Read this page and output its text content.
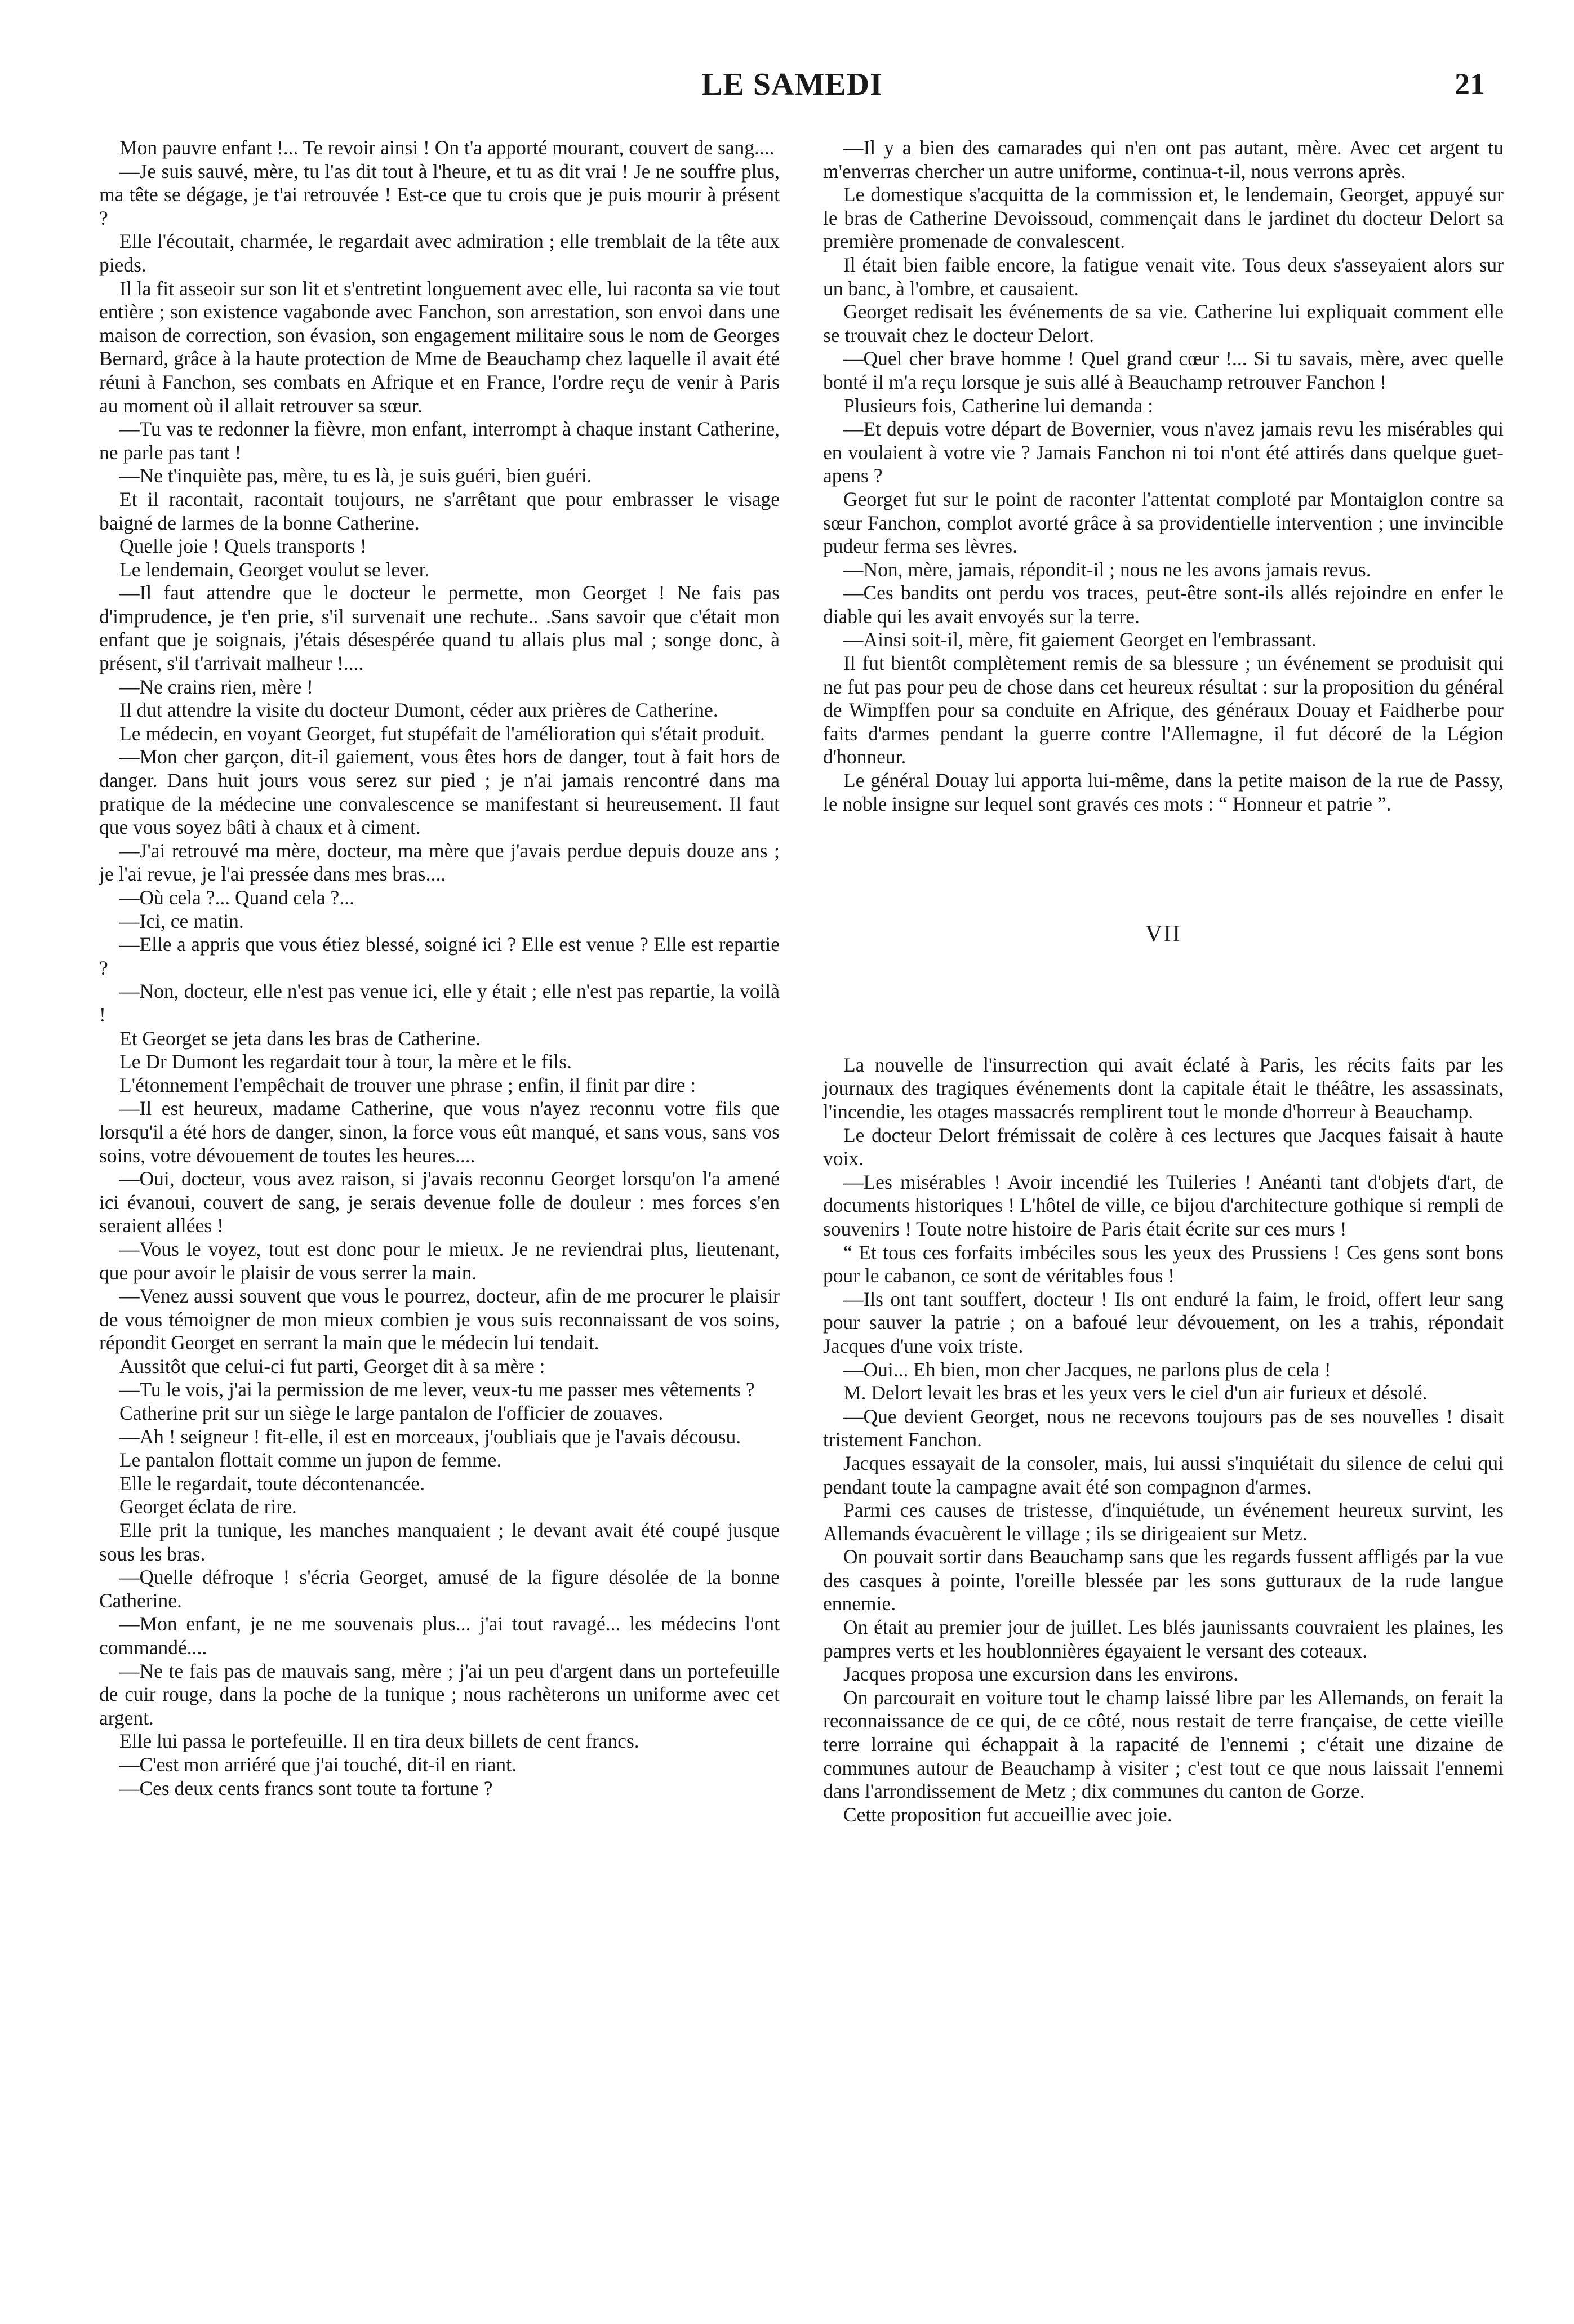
LE SAMEDI	21

Mon pauvre enfant !... Te revoir ainsi ! On t'a apporté mourant, couvert de sang....

—Je suis sauvé, mère, tu l'as dit tout à l'heure, et tu as dit vrai ! Je ne souffre plus, ma tête se dégage, je t'ai retrouvée ! Est-ce que tu crois que je puis mourir à présent ?

Elle l'écoutait, charmée, le regardait avec admiration ; elle tremblait de la tête aux pieds.

Il la fit asseoir sur son lit et s'entretint longuement avec elle, lui raconta sa vie tout entière ; son existence vagabonde avec Fanchon, son arrestation, son envoi dans une maison de correction, son évasion, son engagement militaire sous le nom de Georges Bernard, grâce à la haute protection de Mme de Beauchamp chez laquelle il avait été réuni à Fanchon, ses combats en Afrique et en France, l'ordre reçu de venir à Paris au moment où il allait retrouver sa sœur.

—Tu vas te redonner la fièvre, mon enfant, interrompt à chaque instant Catherine, ne parle pas tant !

—Ne t'inquiète pas, mère, tu es là, je suis guéri, bien guéri.

Et il racontait, racontait toujours, ne s'arrêtant que pour embrasser le visage baigné de larmes de la bonne Catherine.

Quelle joie ! Quels transports !

Le lendemain, Georget voulut se lever.

—Il faut attendre que le docteur le permette, mon Georget ! Ne fais pas d'imprudence, je t'en prie, s'il survenait une rechute.. .Sans savoir que c'était mon enfant que je soignais, j'étais désespérée quand tu allais plus mal ; songe donc, à présent, s'il t'arrivait malheur !....

—Ne crains rien, mère !

Il dut attendre la visite du docteur Dumont, céder aux prières de Catherine.

Le médecin, en voyant Georget, fut stupéfait de l'amélioration qui s'était produit.

—Mon cher garçon, dit-il gaiement, vous êtes hors de danger, tout à fait hors de danger. Dans huit jours vous serez sur pied ; je n'ai jamais rencontré dans ma pratique de la médecine une convalescence se manifestant si heureusement. Il faut que vous soyez bâti à chaux et à ciment.

—J'ai retrouvé ma mère, docteur, ma mère que j'avais perdue depuis douze ans ; je l'ai revue, je l'ai pressée dans mes bras....

—Où cela ?... Quand cela ?...

—Ici, ce matin.

—Elle a appris que vous étiez blessé, soigné ici ? Elle est venue ? Elle est repartie ?

—Non, docteur, elle n'est pas venue ici, elle y était ; elle n'est pas repartie, la voilà !

Et Georget se jeta dans les bras de Catherine.

Le Dr Dumont les regardait tour à tour, la mère et le fils.

L'étonnement l'empêchait de trouver une phrase ; enfin, il finit par dire :

—Il est heureux, madame Catherine, que vous n'ayez reconnu votre fils que lorsqu'il a été hors de danger, sinon, la force vous eût manqué, et sans vous, sans vos soins, votre dévouement de toutes les heures....

—Oui, docteur, vous avez raison, si j'avais reconnu Georget lorsqu'on l'a amené ici évanoui, couvert de sang, je serais devenue folle de douleur : mes forces s'en seraient allées !

—Vous le voyez, tout est donc pour le mieux. Je ne reviendrai plus, lieutenant, que pour avoir le plaisir de vous serrer la main.

—Venez aussi souvent que vous le pourrez, docteur, afin de me procurer le plaisir de vous témoigner de mon mieux combien je vous suis reconnaissant de vos soins, répondit Georget en serrant la main que le médecin lui tendait.

Aussitôt que celui-ci fut parti, Georget dit à sa mère :

—Tu le vois, j'ai la permission de me lever, veux-tu me passer mes vêtements ?

Catherine prit sur un siège le large pantalon de l'officier de zouaves.

—Ah ! seigneur ! fit-elle, il est en morceaux, j'oubliais que je l'avais décousu.

Le pantalon flottait comme un jupon de femme.

Elle le regardait, toute décontenancée.

Georget éclata de rire.

Elle prit la tunique, les manches manquaient ; le devant avait été coupé jusque sous les bras.

—Quelle défroque ! s'écria Georget, amusé de la figure désolée de la bonne Catherine.

—Mon enfant, je ne me souvenais plus... j'ai tout ravagé... les médecins l'ont commandé....

—Ne te fais pas de mauvais sang, mère ; j'ai un peu d'argent dans un portefeuille de cuir rouge, dans la poche de la tunique ; nous rachèterons un uniforme avec cet argent.

Elle lui passa le portefeuille. Il en tira deux billets de cent francs.

—C'est mon arriéré que j'ai touché, dit-il en riant.

—Ces deux cents francs sont toute ta fortune ?

—Il y a bien des camarades qui n'en ont pas autant, mère. Avec cet argent tu m'enverras chercher un autre uniforme, continua-t-il, nous verrons après.

Le domestique s'acquitta de la commission et, le lendemain, Georget, appuyé sur le bras de Catherine Devoissoud, commençait dans le jardinet du docteur Delort sa première promenade de convalescent.

Il était bien faible encore, la fatigue venait vite. Tous deux s'asseyaient alors sur un banc, à l'ombre, et causaient.

Georget redisait les événements de sa vie. Catherine lui expliquait comment elle se trouvait chez le docteur Delort.

—Quel cher brave homme ! Quel grand cœur !... Si tu savais, mère, avec quelle bonté il m'a reçu lorsque je suis allé à Beauchamp retrouver Fanchon !

Plusieurs fois, Catherine lui demanda :

—Et depuis votre départ de Bovernier, vous n'avez jamais revu les misérables qui en voulaient à votre vie ? Jamais Fanchon ni toi n'ont été attirés dans quelque guet-apens ?

Georget fut sur le point de raconter l'attentat comploté par Montaiglon contre sa sœur Fanchon, complot avorté grâce à sa providentielle intervention ; une invincible pudeur ferma ses lèvres.

—Non, mère, jamais, répondit-il ; nous ne les avons jamais revus.

—Ces bandits ont perdu vos traces, peut-être sont-ils allés rejoindre en enfer le diable qui les avait envoyés sur la terre.

—Ainsi soit-il, mère, fit gaiement Georget en l'embrassant.

Il fut bientôt complètement remis de sa blessure ; un événement se produisit qui ne fut pas pour peu de chose dans cet heureux résultat : sur la proposition du général de Wimpffen pour sa conduite en Afrique, des généraux Douay et Faidherbe pour faits d'armes pendant la guerre contre l'Allemagne, il fut décoré de la Légion d'honneur.

Le général Douay lui apporta lui-même, dans la petite maison de la rue de Passy, le noble insigne sur lequel sont gravés ces mots : “ Honneur et patrie ”.

VII

La nouvelle de l'insurrection qui avait éclaté à Paris, les récits faits par les journaux des tragiques événements dont la capitale était le théâtre, les assassinats, l'incendie, les otages massacrés remplirent tout le monde d'horreur à Beauchamp.

Le docteur Delort frémissait de colère à ces lectures que Jacques faisait à haute voix.

—Les misérables ! Avoir incendié les Tuileries ! Anéanti tant d'objets d'art, de documents historiques ! L'hôtel de ville, ce bijou d'architecture gothique si rempli de souvenirs ! Toute notre histoire de Paris était écrite sur ces murs !

“ Et tous ces forfaits imbéciles sous les yeux des Prussiens ! Ces gens sont bons pour le cabanon, ce sont de véritables fous !

—Ils ont tant souffert, docteur ! Ils ont enduré la faim, le froid, offert leur sang pour sauver la patrie ; on a bafoué leur dévouement, on les a trahis, répondait Jacques d'une voix triste.

—Oui... Eh bien, mon cher Jacques, ne parlons plus de cela !

M. Delort levait les bras et les yeux vers le ciel d'un air furieux et désolé.

—Que devient Georget, nous ne recevons toujours pas de ses nouvelles ! disait tristement Fanchon.

Jacques essayait de la consoler, mais, lui aussi s'inquiétait du silence de celui qui pendant toute la campagne avait été son compagnon d'armes.

Parmi ces causes de tristesse, d'inquiétude, un événement heureux survint, les Allemands évacuèrent le village ; ils se dirigeaient sur Metz.

On pouvait sortir dans Beauchamp sans que les regards fussent affligés par la vue des casques à pointe, l'oreille blessée par les sons gutturaux de la rude langue ennemie.

On était au premier jour de juillet. Les blés jaunissants couvraient les plaines, les pampres verts et les houblonnières égayaient le versant des coteaux.

Jacques proposa une excursion dans les environs.

On parcourait en voiture tout le champ laissé libre par les Allemands, on ferait la reconnaissance de ce qui, de ce côté, nous restait de terre française, de cette vieille terre lorraine qui échappait à la rapacité de l'ennemi ; c'était une dizaine de communes autour de Beauchamp à visiter ; c'est tout ce que nous laissait l'ennemi dans l'arrondissement de Metz ; dix communes du canton de Gorze.

Cette proposition fut accueillie avec joie.
